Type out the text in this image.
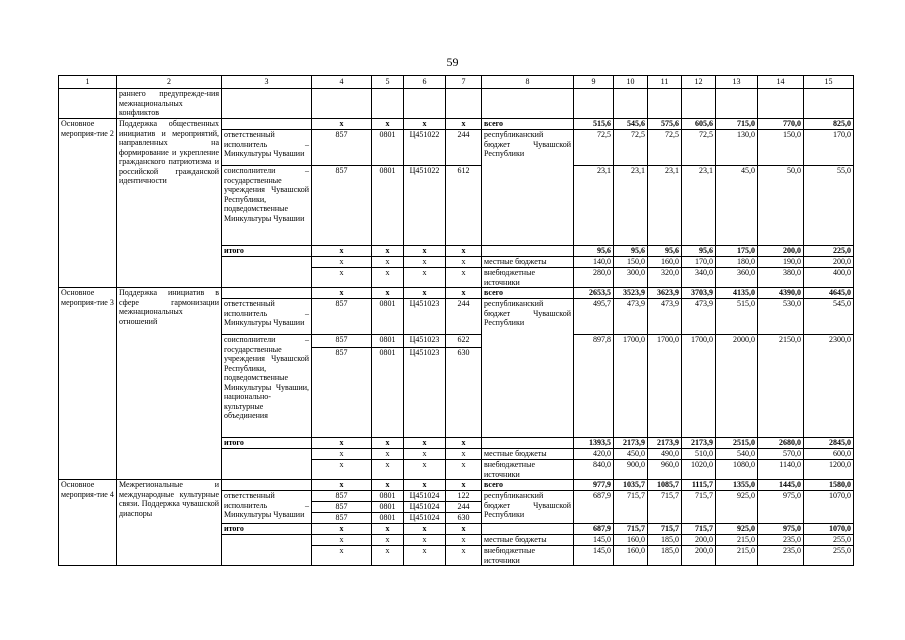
59
1	2	3	4	5	6	7	8	9	10	11	12	13	14	15
	раннего предупрежде-ния межнациональных конфликтов													
Основное мероприя-тие 2	Поддержка общественных инициатив и мероприятий, направленных на формирование и укрепление гражданского патриотизма и российской гражданской идентичности		х	х	х	х	всего	515,6	545,6	575,6	605,6	715,0	770,0	825,0
		ответственный исполнитель – Минкультуры Чувашии	857	0801	Ц451022	244	республиканский бюджет Чувашской Республики	72,5	72,5	72,5	72,5	130,0	150,0	170,0
		соисполнители – государственные учреждения Чувашской Республики, подведомственные Минкультуры Чувашии	857	0801	Ц451022	612		23,1	23,1	23,1	23,1	45,0	50,0	55,0
		итого	х	х	х	х		95,6	95,6	95,6	95,6	175,0	200,0	225,0
			х	х	х	х	местные бюджеты	140,0	150,0	160,0	170,0	180,0	190,0	200,0
			х	х	х	х	внебюджетные источники	280,0	300,0	320,0	340,0	360,0	380,0	400,0
Основное мероприя-тие 3	Поддержка инициатив в сфере гармонизации межнациональных отношений		х	х	х	х	всего	2653,5	3523,9	3623,9	3703,9	4135,0	4390,0	4645,0
		ответственный исполнитель – Минкультуры Чувашии	857	0801	Ц451023	244	республиканский бюджет Чувашской Республики	495,7	473,9	473,9	473,9	515,0	530,0	545,0
		соисполнители – государственные учреждения Чувашской Республики, подведомственные Минкультуры Чувашии, национально-культурные объединения	857	0801	Ц451023	622		897,8	1700,0	1700,0	1700,0	2000,0	2150,0	2300,0
			857	0801	Ц451023	630								
		итого	х	х	х	х		1393,5	2173,9	2173,9	2173,9	2515,0	2680,0	2845,0
			х	х	х	х	местные бюджеты	420,0	450,0	490,0	510,0	540,0	570,0	600,0
			х	х	х	х	внебюджетные источники	840,0	900,0	960,0	1020,0	1080,0	1140,0	1200,0
Основное мероприя-тие 4	Межрегиональные и международные культурные связи. Поддержка чувашской диаспоры		х	х	х	х	всего	977,9	1035,7	1085,7	1115,7	1355,0	1445,0	1580,0
		ответственный исполнитель – Минкультуры Чувашии	857	0801	Ц451024	122	республиканский бюджет Чувашской Республики	687,9	715,7	715,7	715,7	925,0	975,0	1070,0
			857	0801	Ц451024	244								
			857	0801	Ц451024	630								
		итого	х	х	х	х		687,9	715,7	715,7	715,7	925,0	975,0	1070,0
			х	х	х	х	местные бюджеты	145,0	160,0	185,0	200,0	215,0	235,0	255,0
			х	х	х	х	внебюджетные источники	145,0	160,0	185,0	200,0	215,0	235,0	255,0
